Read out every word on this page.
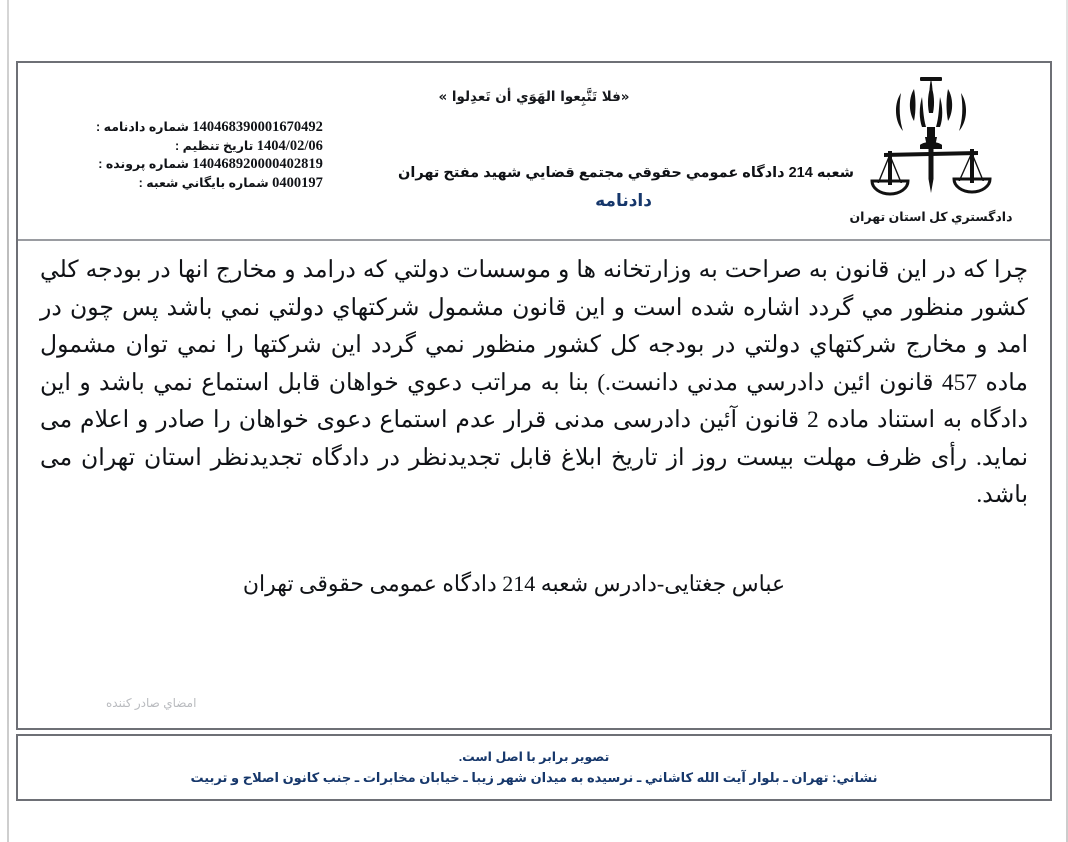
«فلا تَتَّبِعوا الهَوَي أن تَعدِلوا »
140468390001670492 شماره دادنامه :
1404/02/06 تاريخ تنظيم :
140468920000402819 شماره پرونده :
0400197 شماره بايگاني شعبه :
شعبه 214 دادگاه عمومي حقوقي مجتمع قضايي شهيد مفتح تهران
دادنامه
دادگستري کل استان تهران
چرا که در این قانون به صراحت به وزارتخانه ها و موسسات دولتي که درامد و مخارج انها در بودجه کلي کشور منظور مي گردد اشاره شده است و این قانون مشمول شرکتهاي دولتي نمي باشد پس چون در امد و مخارج شرکتهاي دولتي در بودجه کل کشور منظور نمي گردد این شرکتها را نمي توان مشمول ماده 457 قانون ائين دادرسي مدني دانست.) بنا به مراتب دعوي خواهان قابل استماع نمي باشد و این دادگاه به استناد ماده 2 قانون آئین دادرسی مدنی قرار عدم استماع دعوی خواهان را صادر و اعلام می نماید. رأی ظرف مهلت بیست روز از تاریخ ابلاغ قابل تجدیدنظر در دادگاه تجدیدنظر استان تهران می باشد.
عباس جغتایی-دادرس شعبه 214 دادگاه عمومی حقوقی تهران
امضاي صادر کننده
تصویر برابر با اصل است.
نشاني: تهران ـ بلوار آیت الله کاشاني ـ نرسیده به میدان شهر زیبا ـ خیابان مخابرات ـ جنب کانون اصلاح و تربیت
